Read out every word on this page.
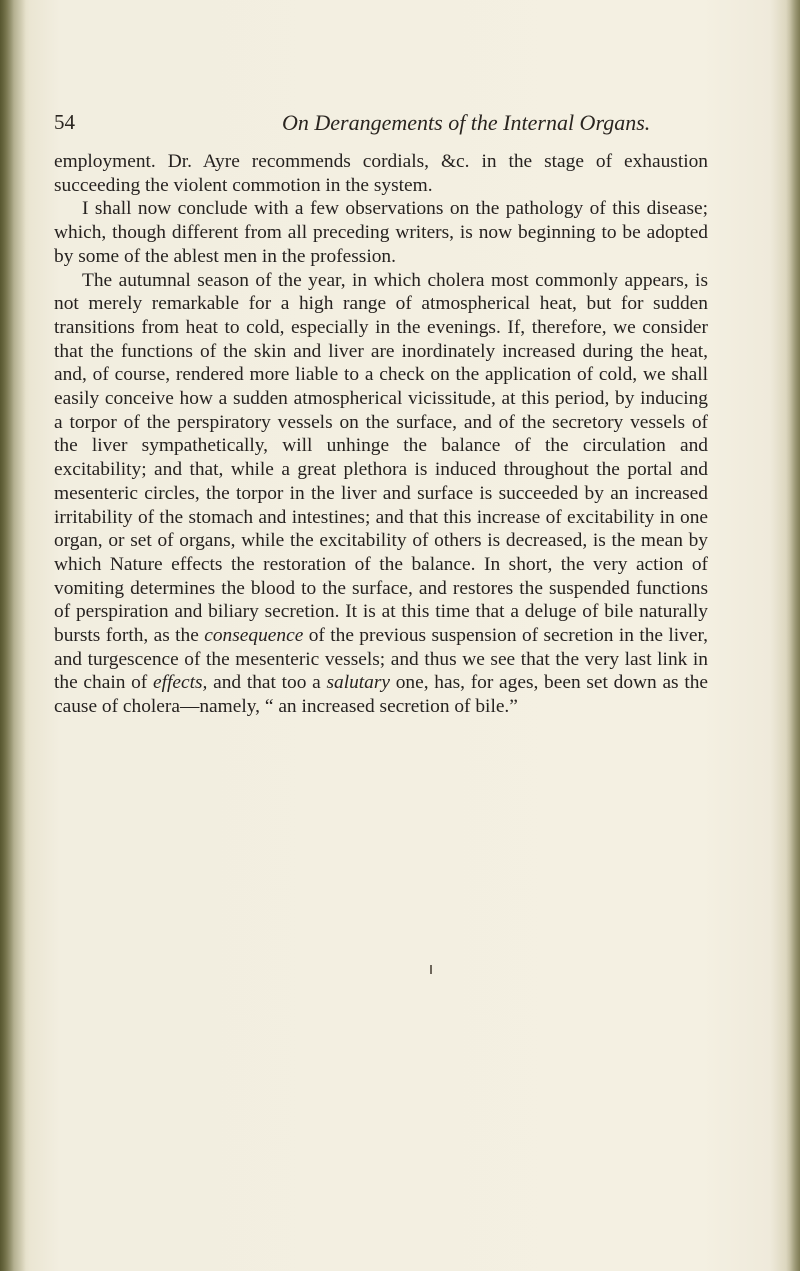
54	On Derangements of the Internal Organs.

employment. Dr. Ayre recommends cordials, &c. in the stage of exhaustion succeeding the violent commotion in the system.

I shall now conclude with a few observations on the pathology of this disease; which, though different from all preceding writers, is now beginning to be adopted by some of the ablest men in the profession.

The autumnal season of the year, in which cholera most commonly appears, is not merely remarkable for a high range of atmospherical heat, but for sudden transitions from heat to cold, especially in the evenings. If, therefore, we consider that the functions of the skin and liver are inordinately increased during the heat, and, of course, rendered more liable to a check on the application of cold, we shall easily conceive how a sudden atmospherical vicissitude, at this period, by inducing a torpor of the perspiratory vessels on the surface, and of the secretory vessels of the liver sympathetically, will unhinge the balance of the circulation and excitability; and that, while a great plethora is induced throughout the portal and mesenteric circles, the torpor in the liver and surface is succeeded by an increased irritability of the stomach and intestines; and that this increase of excitability in one organ, or set of organs, while the excitability of others is decreased, is the mean by which Nature effects the restoration of the balance. In short, the very action of vomiting determines the blood to the surface, and restores the suspended functions of perspiration and biliary secretion. It is at this time that a deluge of bile naturally bursts forth, as the consequence of the previous suspension of secretion in the liver, and turgescence of the mesenteric vessels; and thus we see that the very last link in the chain of effects, and that too a salutary one, has, for ages, been set down as the cause of cholera—namely, “ an increased secretion of bile.”
